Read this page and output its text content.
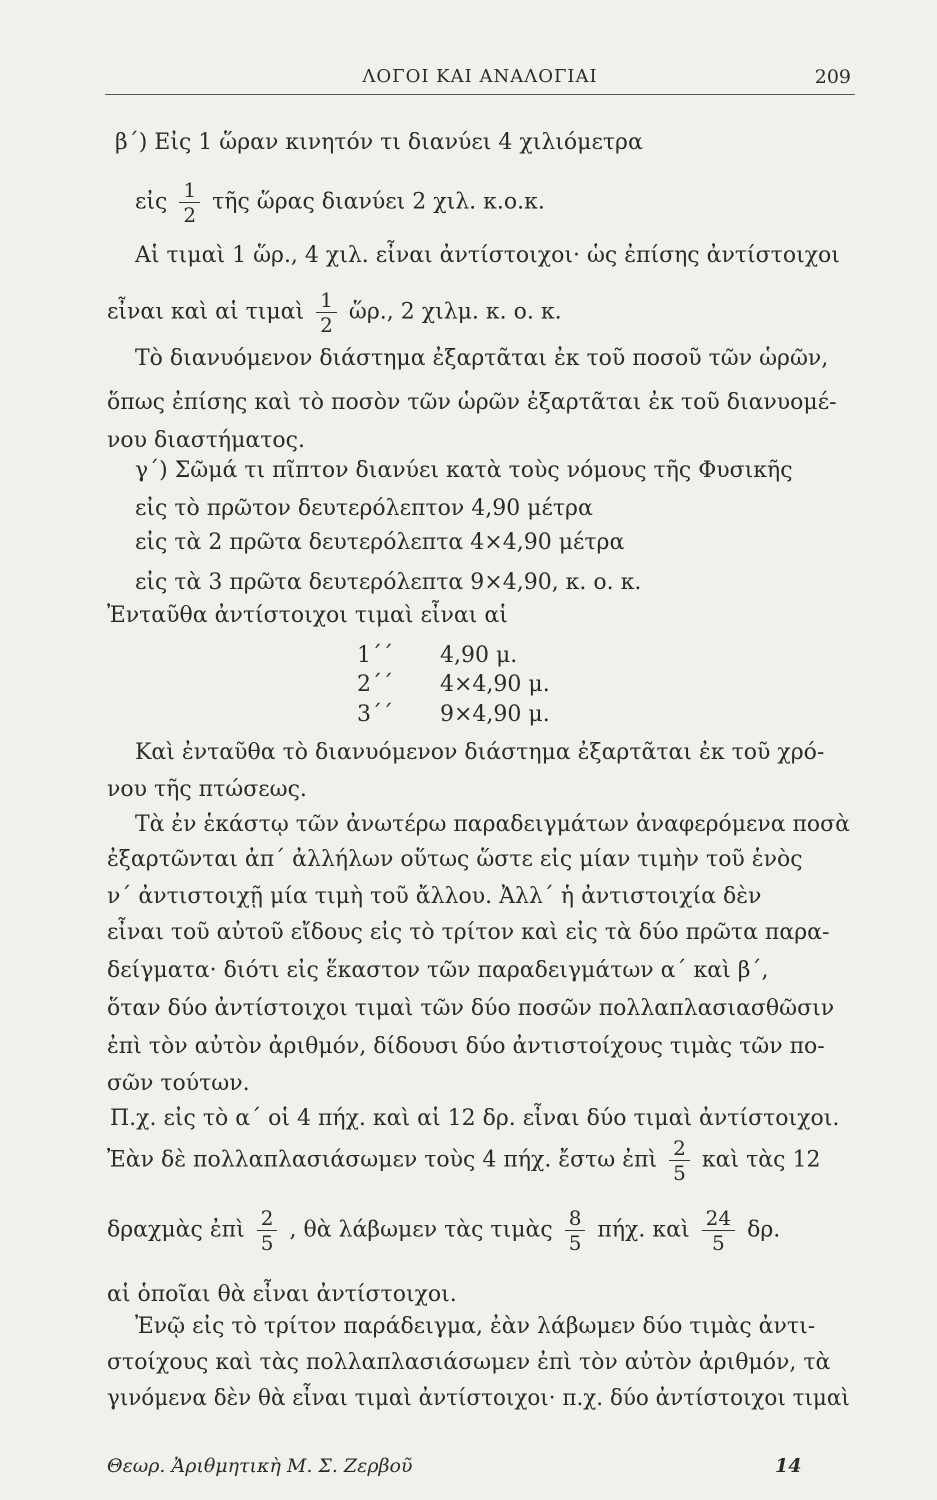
ΛΟΓΟΙ ΚΑΙ ΑΝΑΛΟΓΙΑΙ	209
β΄) Εἰς 1 ὥραν κινητόν τι διανύει 4 χιλιόμετρα
εἰς $\frac{1}{2}$ τῆς ὥρας διανύει 2 χιλ. κ.ο.κ.
Αἱ τιμαὶ 1 ὥρ., 4 χιλ. εἶναι ἀντίστοιχοι· ὡς ἐπίσης ἀντίστοιχοι
εἶναι καὶ αἱ τιμαὶ $\frac{1}{2}$ ὥρ., 2 χιλμ. κ. ο. κ.
Τὸ διανυόμενον διάστημα ἐξαρτᾶται ἐκ τοῦ ποσοῦ τῶν ὡρῶν,
ὅπως ἐπίσης καὶ τὸ ποσὸν τῶν ὡρῶν ἐξαρτᾶται ἐκ τοῦ διανυομέ-
νου διαστήματος.
γ΄) Σῶμά τι πῖπτον διανύει κατὰ τοὺς νόμους τῆς Φυσικῆς
εἰς τὸ πρῶτον δευτερόλεπτον 4,90 μέτρα
εἰς τὰ 2 πρῶτα δευτερόλεπτα 4×4,90 μέτρα
εἰς τὰ 3 πρῶτα δευτερόλεπτα 9×4,90, κ. ο. κ.
Ἐνταῦθα ἀντίστοιχοι τιμαὶ εἶναι αἱ
1΄΄ 4,90 μ.
2΄΄ 4×4,90 μ.
3΄΄ 9×4,90 μ.
Καὶ ἐνταῦθα τὸ διανυόμενον διάστημα ἐξαρτᾶται ἐκ τοῦ χρό-
νου τῆς πτώσεως.
Τὰ ἐν ἑκάστῳ τῶν ἀνωτέρω παραδειγμάτων ἀναφερόμενα ποσὰ
ἐξαρτῶνται ἀπ΄ ἀλλήλων οὕτως ὥστε εἰς μίαν τιμὴν τοῦ ἑνὸς
ν΄ ἀντιστοιχῇ μία τιμὴ τοῦ ἄλλου. Ἀλλ΄ ἡ ἀντιστοιχία δὲν
εἶναι τοῦ αὐτοῦ εἴδους εἰς τὸ τρίτον καὶ εἰς τὰ δύο πρῶτα παρα-
δείγματα· διότι εἰς ἕκαστον τῶν παραδειγμάτων α΄ καὶ β΄,
ὅταν δύο ἀντίστοιχοι τιμαὶ τῶν δύο ποσῶν πολλαπλασιασθῶσιν
ἐπὶ τὸν αὐτὸν ἀριθμόν, δίδουσι δύο ἀντιστοίχους τιμὰς τῶν πο-
σῶν τούτων.
Π.χ. εἰς τὸ α΄ οἱ 4 πήχ. καὶ αἱ 12 δρ. εἶναι δύο τιμαὶ ἀντίστοιχοι.
Ἐὰν δὲ πολλαπλασιάσωμεν τοὺς 4 πήχ. ἔστω ἐπὶ $\frac{2}{5}$ καὶ τὰς 12
δραχμὰς ἐπὶ $\frac{2}{5}$ , θὰ λάβωμεν τὰς τιμὰς $\frac{8}{5} \pi ή\chi$. καὶ $\frac{24}{5} \delta\rho$.
αἱ ὁποῖαι θὰ εἶναι ἀντίστοιχοι.
Ἐνῷ εἰς τὸ τρίτον παράδειγμα, ἐὰν λάβωμεν δύο τιμὰς ἀντι-
στοίχους καὶ τὰς πολλαπλασιάσωμεν ἐπὶ τὸν αὐτὸν ἀριθμόν, τὰ
γινόμενα δὲν θὰ εἶναι τιμαὶ ἀντίστοιχοι· π.χ. δύο ἀντίστοιχοι τιμαὶ
Θεωρ. Ἀριθμητικὴ Μ. Σ. Ζερβοῦ	14
